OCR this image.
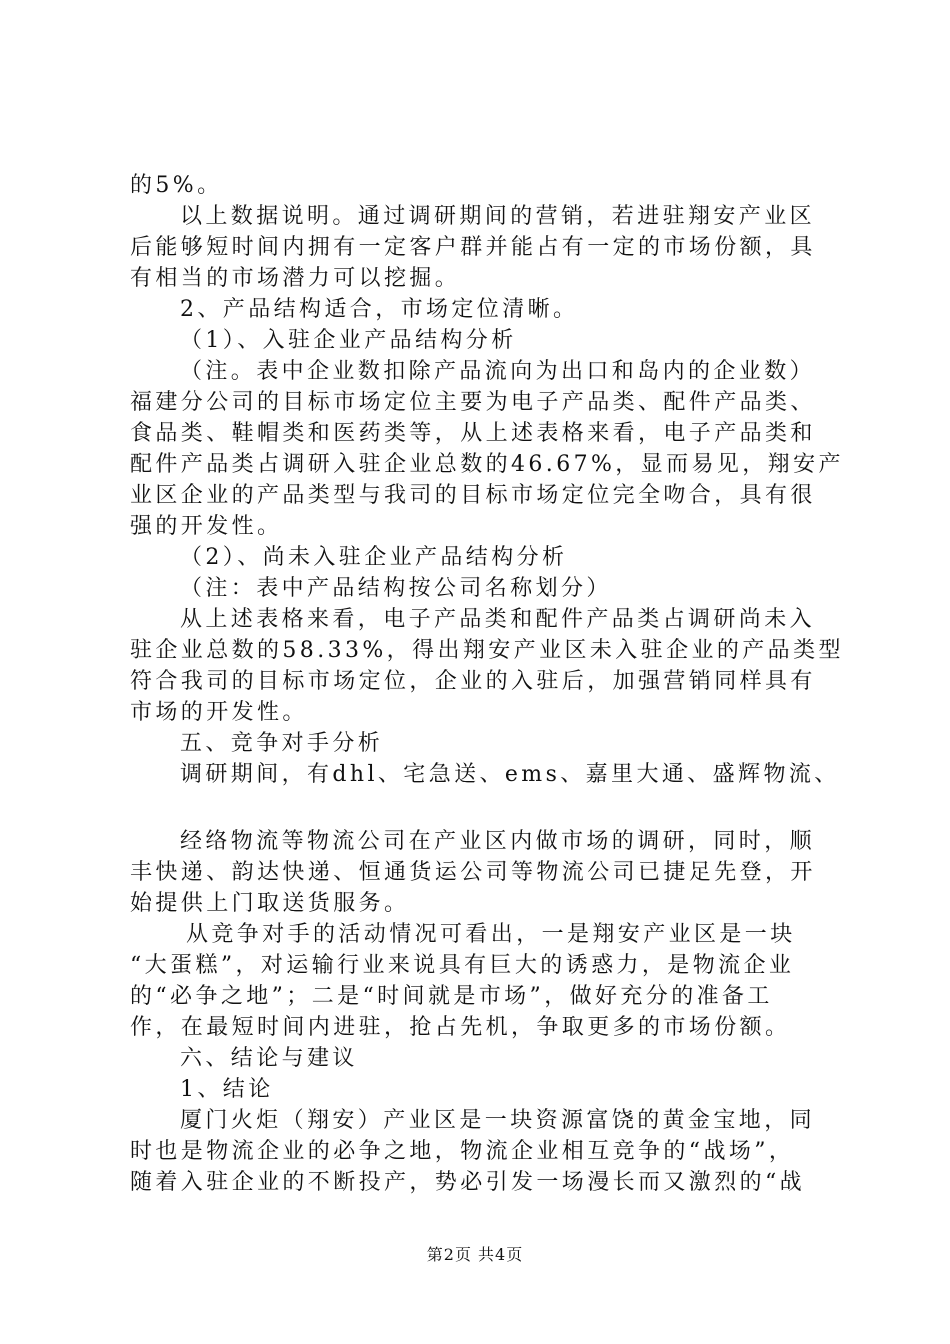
的5%。
以上数据说明。通过调研期间的营销，若进驻翔安产业区
后能够短时间内拥有一定客户群并能占有一定的市场份额，具
有相当的市场潜力可以挖掘。
2、产品结构适合，市场定位清晰。
（1）、入驻企业产品结构分析
（注。表中企业数扣除产品流向为出口和岛内的企业数）
福建分公司的目标市场定位主要为电子产品类、配件产品类、
食品类、鞋帽类和医药类等，从上述表格来看，电子产品类和
配件产品类占调研入驻企业总数的46.67%，显而易见，翔安产
业区企业的产品类型与我司的目标市场定位完全吻合，具有很
强的开发性。
（2）、尚未入驻企业产品结构分析
（注：表中产品结构按公司名称划分）
从上述表格来看，电子产品类和配件产品类占调研尚未入
驻企业总数的58.33%，得出翔安产业区未入驻企业的产品类型
符合我司的目标市场定位，企业的入驻后，加强营销同样具有
市场的开发性。
五、竞争对手分析
调研期间，有dhl、宅急送、ems、嘉里大通、盛辉物流、
经络物流等物流公司在产业区内做市场的调研，同时，顺
丰快递、韵达快递、恒通货运公司等物流公司已捷足先登，开
始提供上门取送货服务。
从竞争对手的活动情况可看出，一是翔安产业区是一块
“大蛋糕”，对运输行业来说具有巨大的诱惑力，是物流企业
的“必争之地”；二是“时间就是市场”，做好充分的准备工
作，在最短时间内进驻，抢占先机，争取更多的市场份额。
六、结论与建议
1、结论
厦门火炬（翔安）产业区是一块资源富饶的黄金宝地，同
时也是物流企业的必争之地，物流企业相互竞争的“战场”，
随着入驻企业的不断投产，势必引发一场漫长而又激烈的“战
第2页 共4页
